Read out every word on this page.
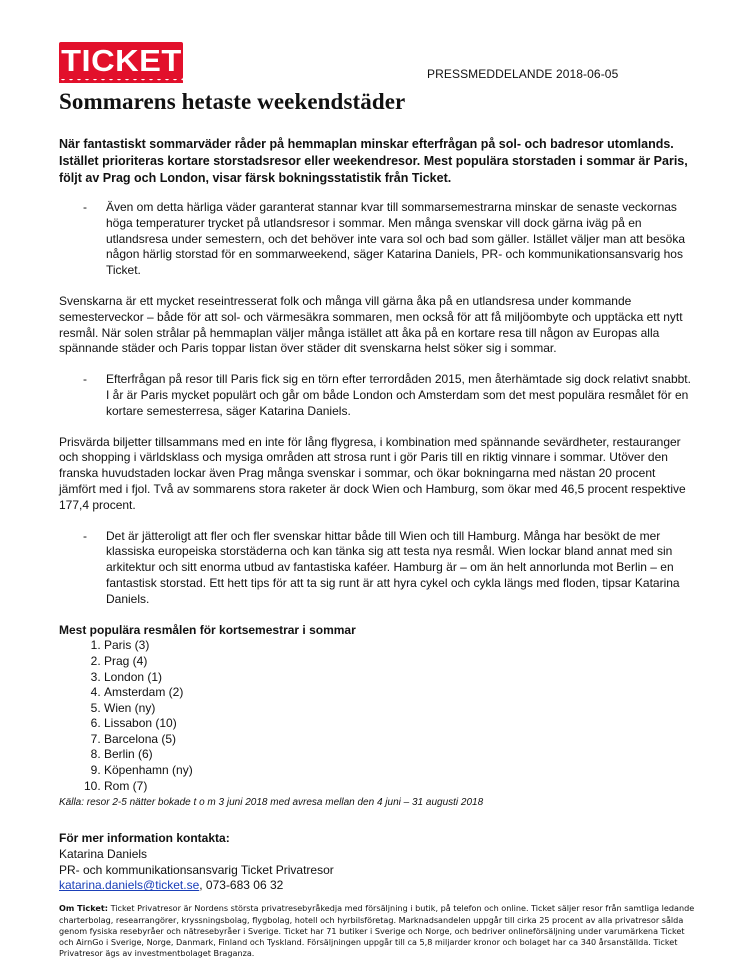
TICKET	PRESSMEDDELANDE 2018-06-05
Sommarens hetaste weekendstäder

När fantastiskt sommarväder råder på hemmaplan minskar efterfrågan på sol- och badresor utomlands. Istället prioriteras kortare storstadsresor eller weekendresor. Mest populära storstaden i sommar är Paris, följt av Prag och London, visar färsk bokningsstatistik från Ticket.

-	Även om detta härliga väder garanterat stannar kvar till sommarsemestrarna minskar de senaste veckornas höga temperaturer trycket på utlandsresor i sommar. Men många svenskar vill dock gärna iväg på en utlandsresa under semestern, och det behöver inte vara sol och bad som gäller. Istället väljer man att besöka någon härlig storstad för en sommarweekend, säger Katarina Daniels, PR- och kommunikationsansvarig hos Ticket.

Svenskarna är ett mycket reseintresserat folk och många vill gärna åka på en utlandsresa under kommande semesterveckor – både för att sol- och värmesäkra sommaren, men också för att få miljöombyte och upptäcka ett nytt resmål. När solen strålar på hemmaplan väljer många istället att åka på en kortare resa till någon av Europas alla spännande städer och Paris toppar listan över städer dit svenskarna helst söker sig i sommar.

-	Efterfrågan på resor till Paris fick sig en törn efter terrordåden 2015, men återhämtade sig dock relativt snabbt. I år är Paris mycket populärt och går om både London och Amsterdam som det mest populära resmålet för en kortare semesterresa, säger Katarina Daniels.

Prisvärda biljetter tillsammans med en inte för lång flygresa, i kombination med spännande sevärdheter, restauranger och shopping i världsklass och mysiga områden att strosa runt i gör Paris till en riktig vinnare i sommar. Utöver den franska huvudstaden lockar även Prag många svenskar i sommar, och ökar bokningarna med nästan 20 procent jämfört med i fjol. Två av sommarens stora raketer är dock Wien och Hamburg, som ökar med 46,5 procent respektive 177,4 procent.

-	Det är jätteroligt att fler och fler svenskar hittar både till Wien och till Hamburg. Många har besökt de mer klassiska europeiska storstäderna och kan tänka sig att testa nya resmål. Wien lockar bland annat med sin arkitektur och sitt enorma utbud av fantastiska kaféer. Hamburg är – om än helt annorlunda mot Berlin – en fantastisk storstad. Ett hett tips för att ta sig runt är att hyra cykel och cykla längs med floden, tipsar Katarina Daniels.
Mest populära resmålen för kortsemestrar i sommar
1. Paris (3)
2. Prag (4)
3. London (1)
4. Amsterdam (2)
5. Wien (ny)
6. Lissabon (10)
7. Barcelona (5)
8. Berlin (6)
9. Köpenhamn (ny)
10. Rom (7)
Källa: resor 2-5 nätter bokade t o m 3 juni 2018 med avresa mellan den 4 juni – 31 augusti 2018
För mer information kontakta:
Katarina Daniels
PR- och kommunikationsansvarig Ticket Privatresor
katarina.daniels@ticket.se, 073-683 06 32
Om Ticket: Ticket Privatresor är Nordens största privatresebyråkedja med försäljning i butik, på telefon och online. Ticket säljer resor från samtliga ledande charterbolag, researrangörer, kryssningsbolag, flygbolag, hotell och hyrbilsföretag. Marknadsandelen uppgår till cirka 25 procent av alla privatresor sålda genom fysiska resebyråer och nätresebyråer i Sverige. Ticket har 71 butiker i Sverige och Norge, och bedriver onlineförsäljning under varumärkena Ticket och AirnGo i Sverige, Norge, Danmark, Finland och Tyskland. Försäljningen uppgår till ca 5,8 miljarder kronor och bolaget har ca 340 årsanställda. Ticket Privatresor ägs av investmentbolaget Braganza.
